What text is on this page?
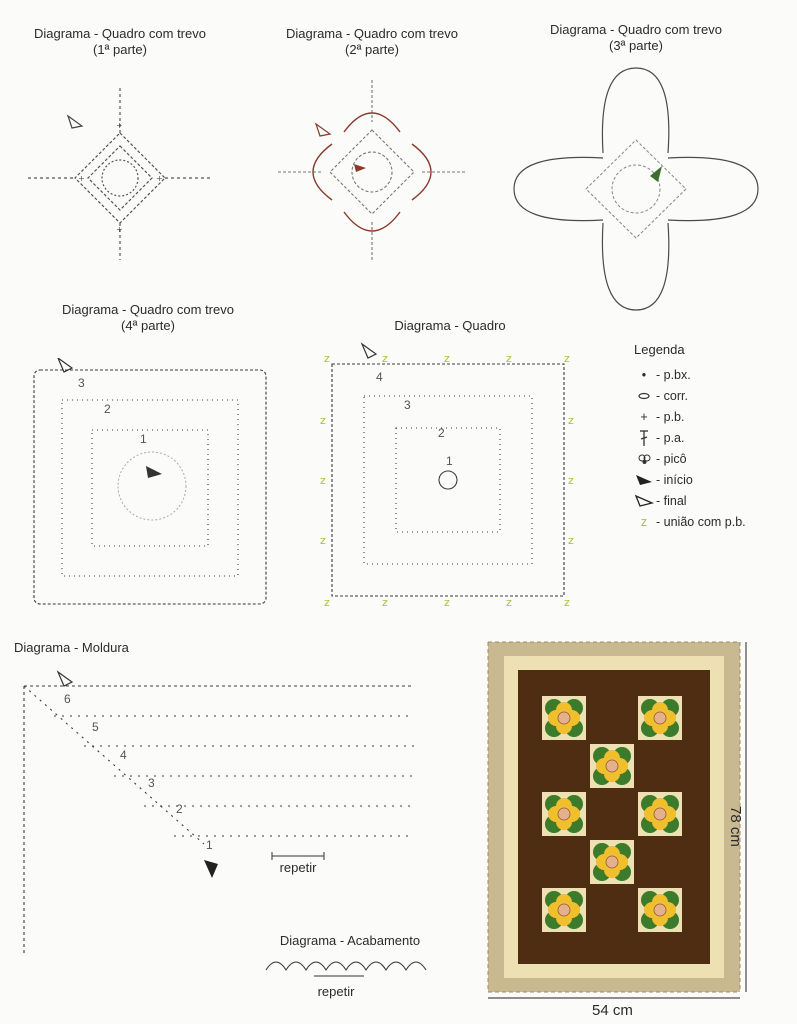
Diagrama - Quadro com trevo
(1ª parte)
Diagrama - Quadro com trevo
(2ª parte)
Diagrama - Quadro com trevo
(3ª parte)
Diagrama - Quadro com trevo
(4ª parte)	Diagrama - Quadro
Diagrama - Moldura
Diagrama - Acabamento
+
+
+	+
1
2
3
z	z	z	z	z
z	z	z	z	z
z
z
z
z
z
z
1
2
3
4
Legenda
• - p.bx.
- corr.
+ - p.b.
- p.a.
- picô
- início
- final
z - união com p.b.
1
2
3
4
5
6
repetir
repetir
54 cm
78 cm
